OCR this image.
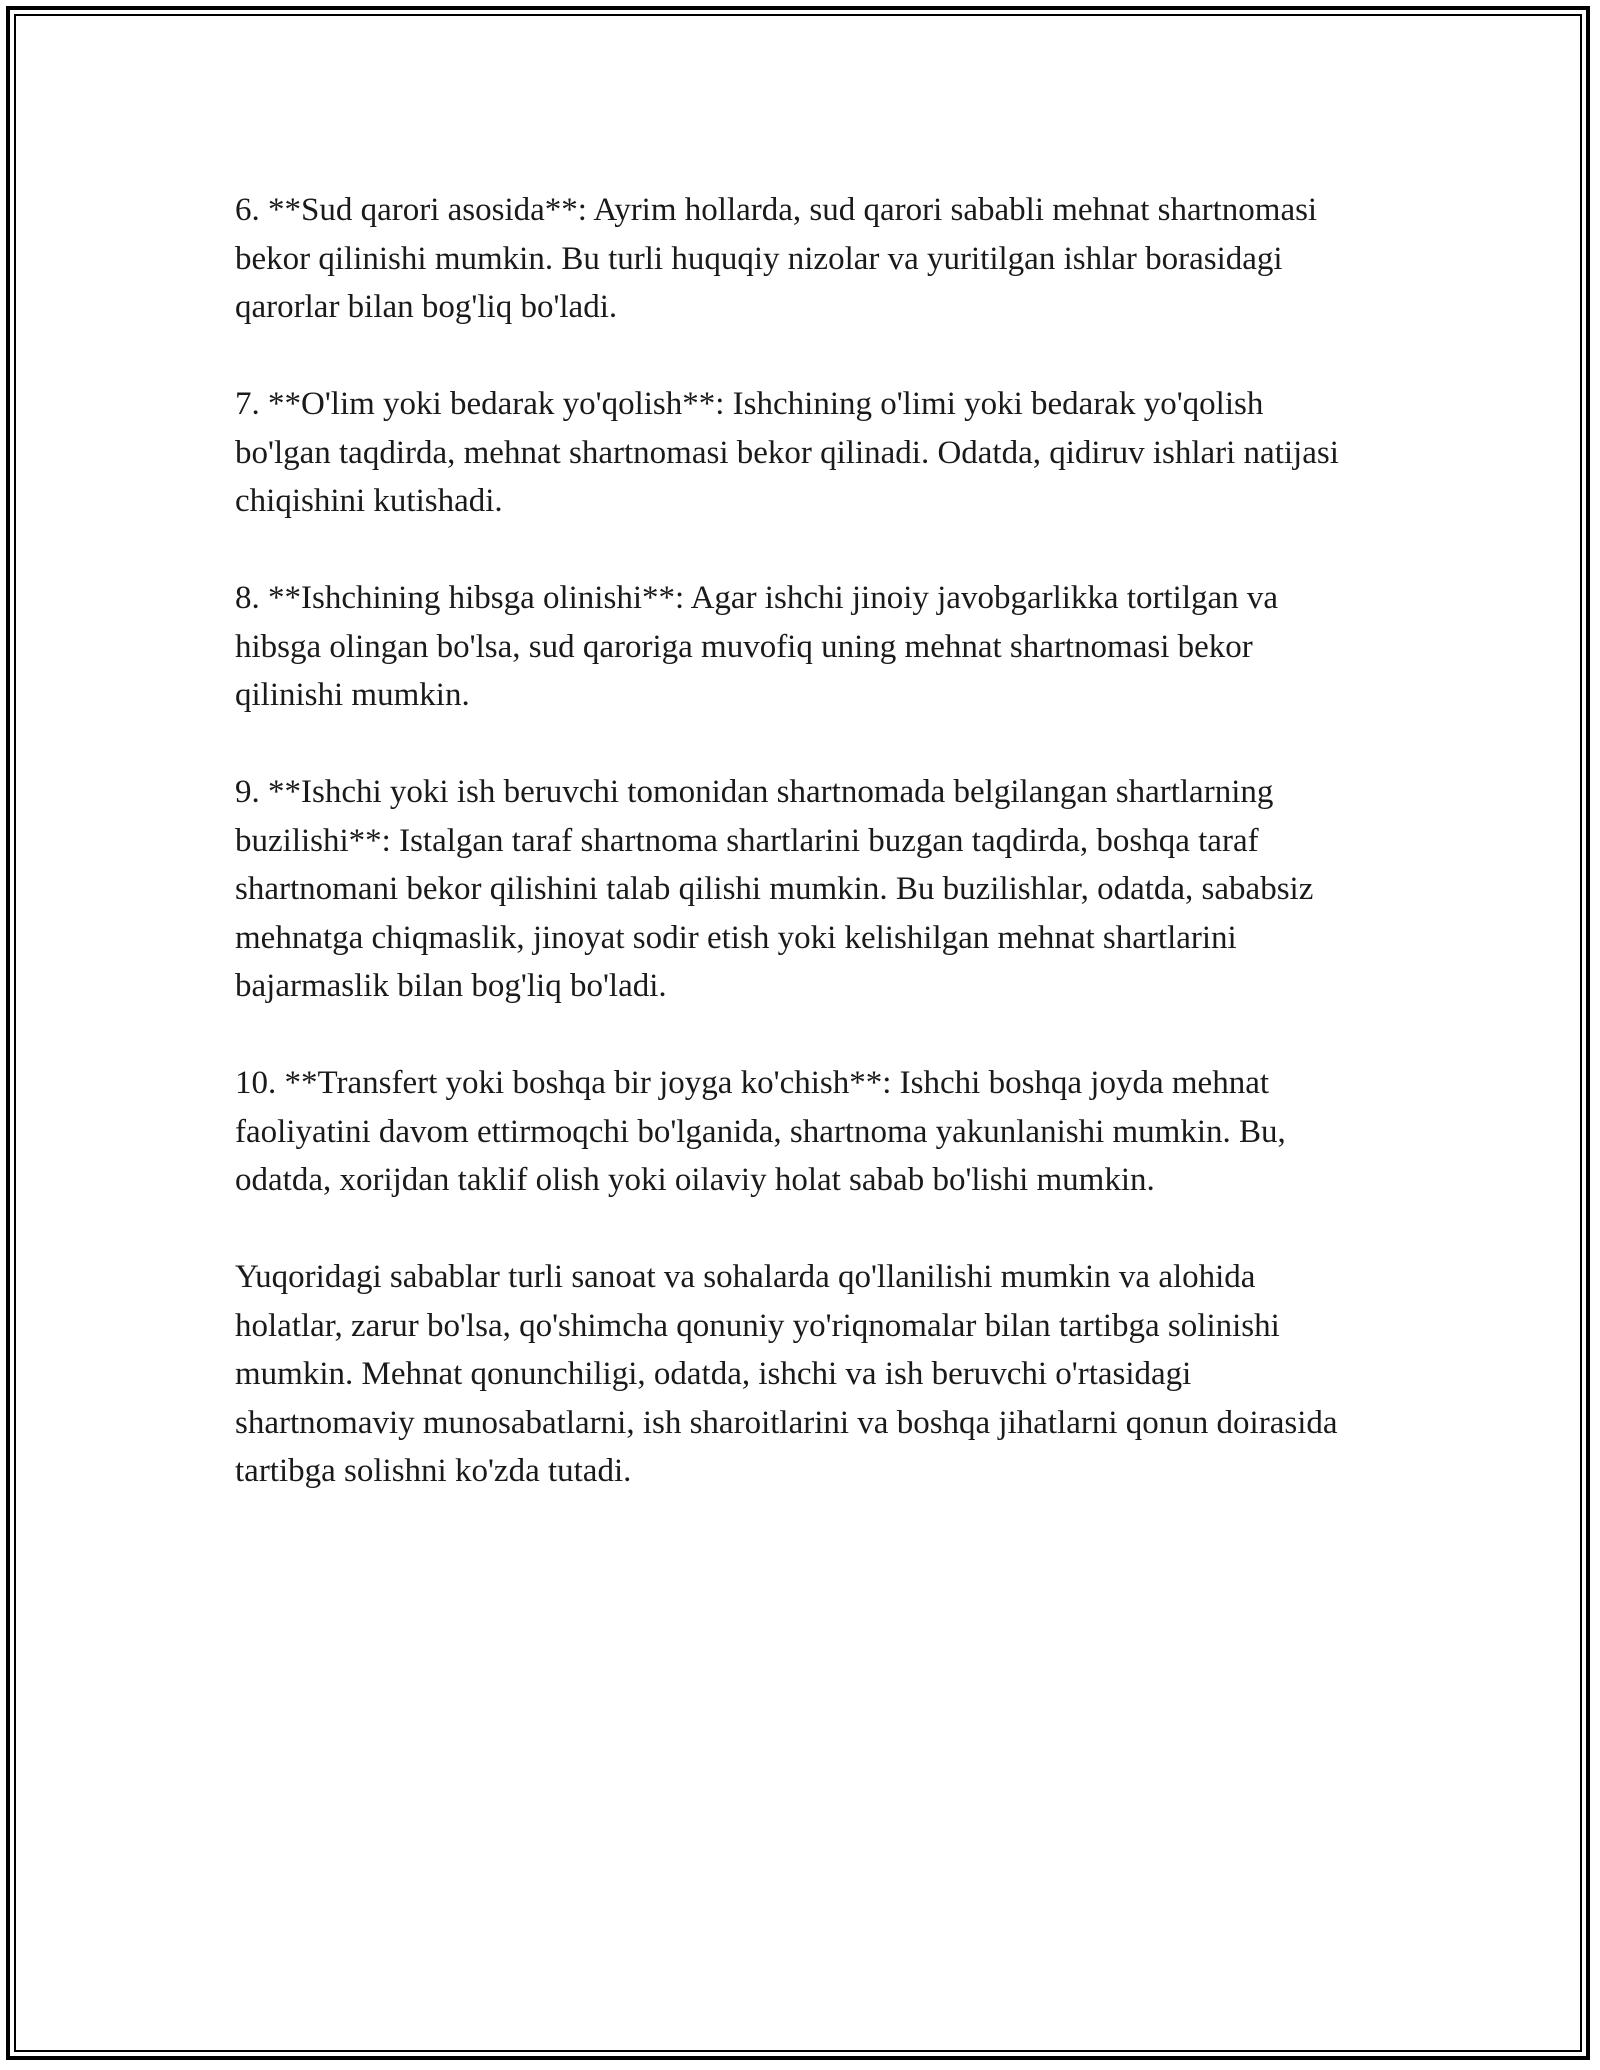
6. **Sud qarori asosida**: Ayrim hollarda, sud qarori sababli mehnat shartnomasi bekor qilinishi mumkin. Bu turli huquqiy nizolar va yuritilgan ishlar borasidagi qarorlar bilan bog'liq bo'ladi.

7. **O'lim yoki bedarak yo'qolish**: Ishchining o'limi yoki bedarak yo'qolish bo'lgan taqdirda, mehnat shartnomasi bekor qilinadi. Odatda, qidiruv ishlari natijasi chiqishini kutishadi.

8. **Ishchining hibsga olinishi**: Agar ishchi jinoiy javobgarlikka tortilgan va hibsga olingan bo'lsa, sud qaroriga muvofiq uning mehnat shartnomasi bekor qilinishi mumkin.

9. **Ishchi yoki ish beruvchi tomonidan shartnomada belgilangan shartlarning buzilishi**: Istalgan taraf shartnoma shartlarini buzgan taqdirda, boshqa taraf shartnomani bekor qilishini talab qilishi mumkin. Bu buzilishlar, odatda, sababsiz mehnatga chiqmaslik, jinoyat sodir etish yoki kelishilgan mehnat shartlarini bajarmaslik bilan bog'liq bo'ladi.

10. **Transfert yoki boshqa bir joyga ko'chish**: Ishchi boshqa joyda mehnat faoliyatini davom ettirmoqchi bo'lganida, shartnoma yakunlanishi mumkin. Bu, odatda, xorijdan taklif olish yoki oilaviy holat sabab bo'lishi mumkin.

Yuqoridagi sabablar turli sanoat va sohalarda qo'llanilishi mumkin va alohida holatlar, zarur bo'lsa, qo'shimcha qonuniy yo'riqnomalar bilan tartibga solinishi mumkin. Mehnat qonunchiligi, odatda, ishchi va ish beruvchi o'rtasidagi shartnomaviy munosabatlarni, ish sharoitlarini va boshqa jihatlarni qonun doirasida tartibga solishni ko'zda tutadi.
